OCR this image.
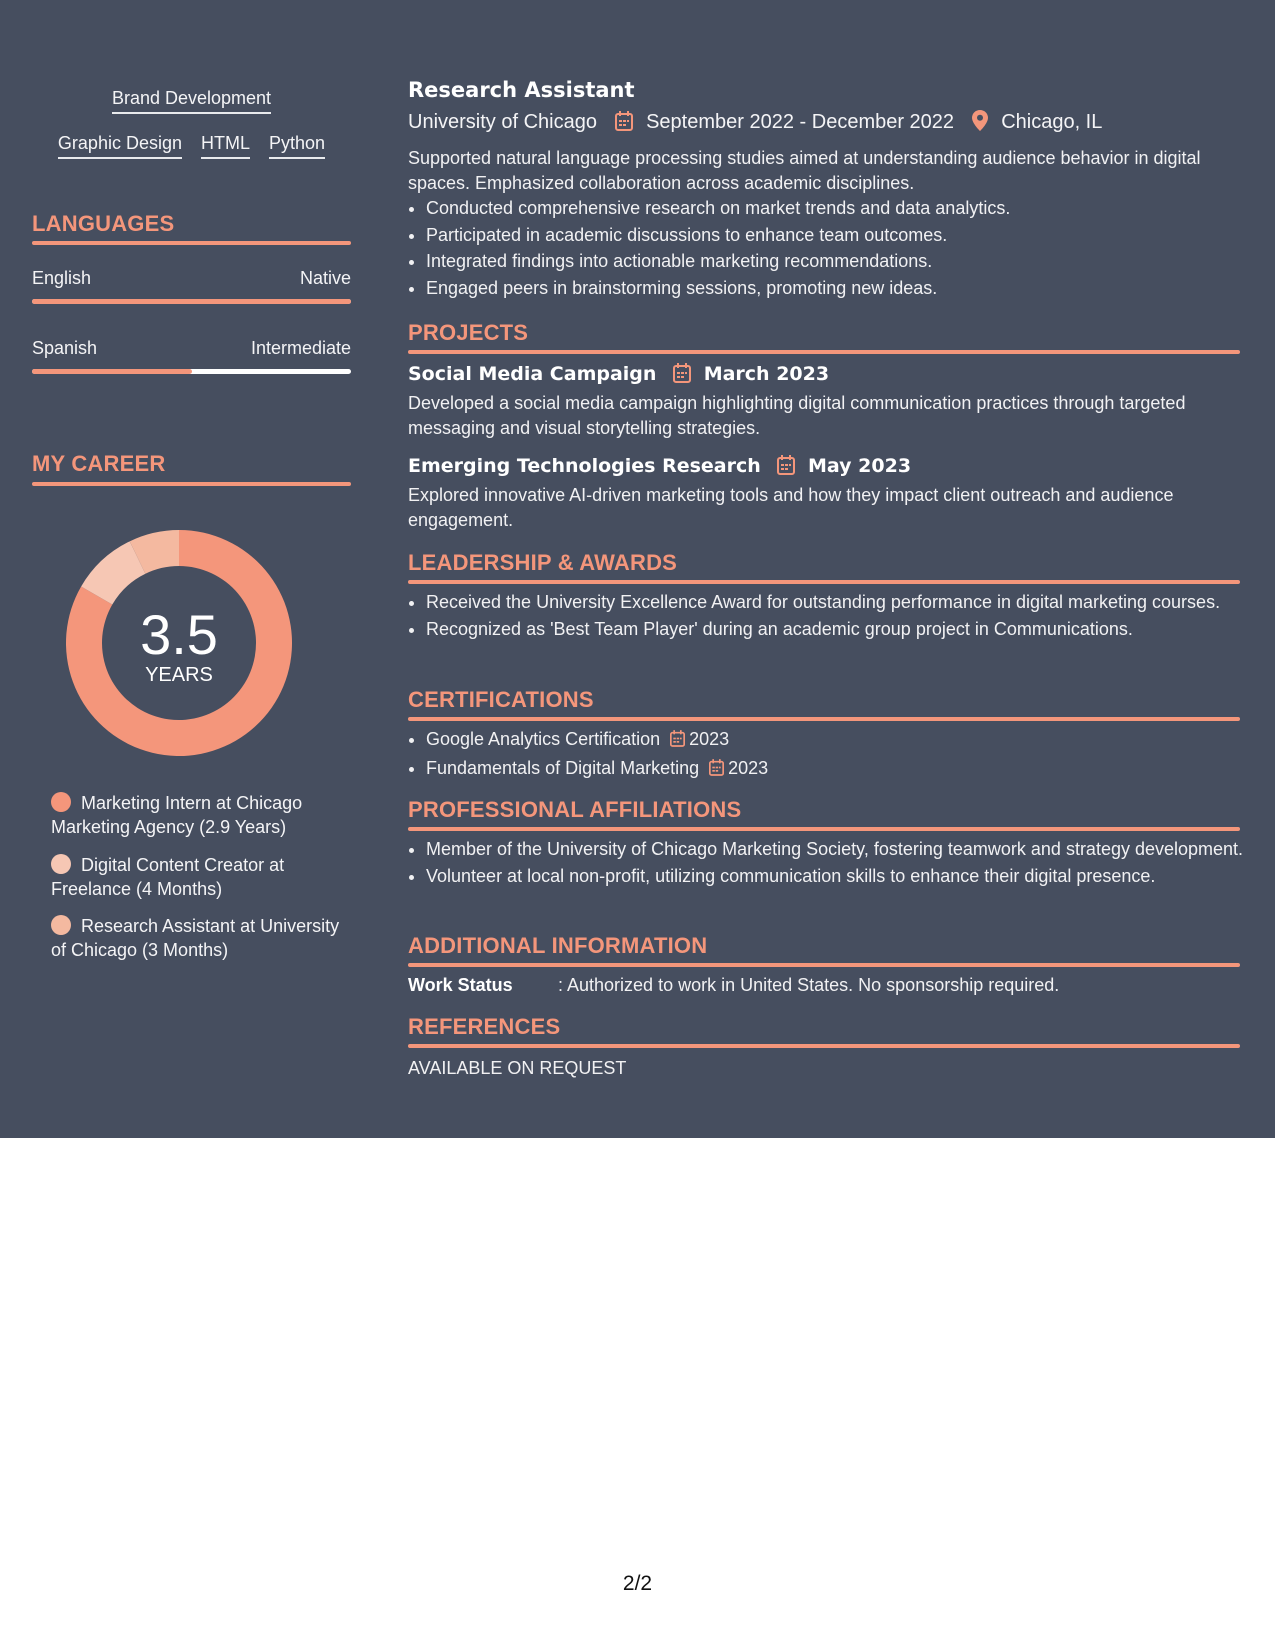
Brand Development
Graphic Design HTML Python
LANGUAGES
English	Native
Spanish	Intermediate
MY CAREER
3.5
YEARS
Marketing Intern at Chicago Marketing Agency (2.9 Years)
Digital Content Creator at Freelance (4 Months)
Research Assistant at University of Chicago (3 Months)
Research Assistant
University of Chicago September 2022 - December 2022 Chicago, IL
Supported natural language processing studies aimed at understanding audience behavior in digital spaces. Emphasized collaboration across academic disciplines.
• Conducted comprehensive research on market trends and data analytics.
• Participated in academic discussions to enhance team outcomes.
• Integrated findings into actionable marketing recommendations.
• Engaged peers in brainstorming sessions, promoting new ideas.
PROJECTS
Social Media Campaign March 2023
Developed a social media campaign highlighting digital communication practices through targeted messaging and visual storytelling strategies.
Emerging Technologies Research May 2023
Explored innovative AI-driven marketing tools and how they impact client outreach and audience engagement.
LEADERSHIP & AWARDS
• Received the University Excellence Award for outstanding performance in digital marketing courses.
• Recognized as 'Best Team Player' during an academic group project in Communications.
CERTIFICATIONS
• Google Analytics Certification 2023
• Fundamentals of Digital Marketing 2023
PROFESSIONAL AFFILIATIONS
• Member of the University of Chicago Marketing Society, fostering teamwork and strategy development.
• Volunteer at local non-profit, utilizing communication skills to enhance their digital presence.
ADDITIONAL INFORMATION
Work Status	: Authorized to work in United States. No sponsorship required.
REFERENCES
AVAILABLE ON REQUEST
2/2
